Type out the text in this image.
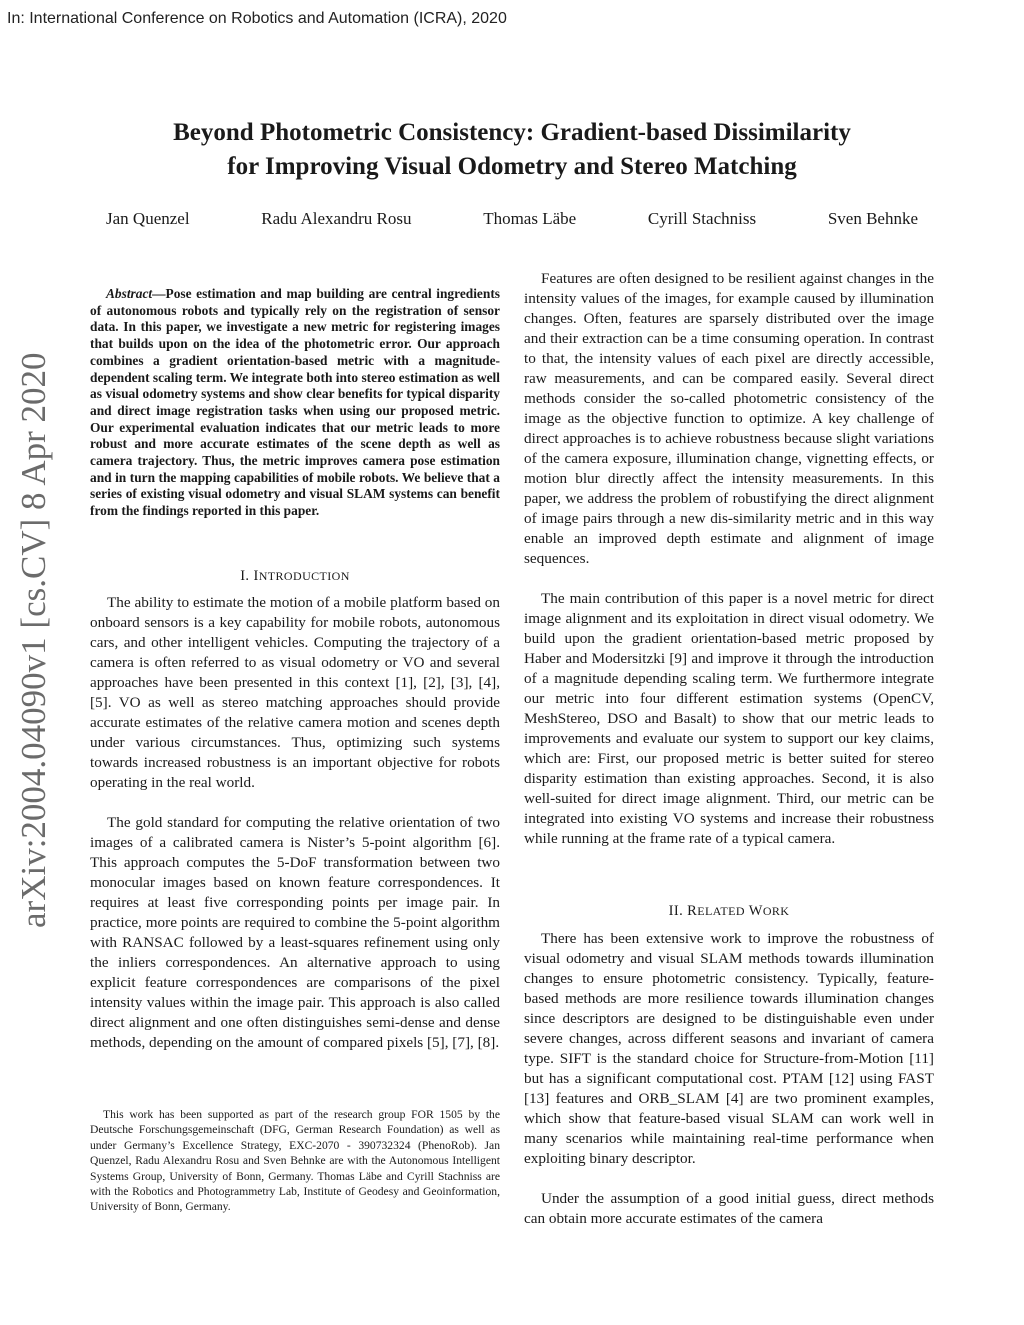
In: International Conference on Robotics and Automation (ICRA), 2020
Beyond Photometric Consistency: Gradient-based Dissimilarity
for Improving Visual Odometry and Stereo Matching
Jan Quenzel	Radu Alexandru Rosu	Thomas Läbe	Cyrill Stachniss	Sven Behnke
arXiv:2004.04090v1 [cs.CV] 8 Apr 2020
Abstract—Pose estimation and map building are central ingredients of autonomous robots and typically rely on the registration of sensor data. In this paper, we investigate a new metric for registering images that builds upon on the idea of the photometric error. Our approach combines a gradient orientation-based metric with a magnitude-dependent scaling term. We integrate both into stereo estimation as well as visual odometry systems and show clear benefits for typical disparity and direct image registration tasks when using our proposed metric. Our experimental evaluation indicates that our metric leads to more robust and more accurate estimates of the scene depth as well as camera trajectory. Thus, the metric improves camera pose estimation and in turn the mapping capabilities of mobile robots. We believe that a series of existing visual odometry and visual SLAM systems can benefit from the findings reported in this paper.
I. INTRODUCTION

The ability to estimate the motion of a mobile platform based on onboard sensors is a key capability for mobile robots, autonomous cars, and other intelligent vehicles. Computing the trajectory of a camera is often referred to as visual odometry or VO and several approaches have been presented in this context [1], [2], [3], [4], [5]. VO as well as stereo matching approaches should provide accurate estimates of the relative camera motion and scenes depth under various circumstances. Thus, optimizing such systems towards increased robustness is an important objective for robots operating in the real world.

The gold standard for computing the relative orientation of two images of a calibrated camera is Nister’s 5-point algorithm [6]. This approach computes the 5-DoF transformation between two monocular images based on known feature correspondences. It requires at least five corresponding points per image pair. In practice, more points are required to combine the 5-point algorithm with RANSAC followed by a least-squares refinement using only the inliers correspondences. An alternative approach to using explicit feature correspondences are comparisons of the pixel intensity values within the image pair. This approach is also called direct alignment and one often distinguishes semi-dense and dense methods, depending on the amount of compared pixels [5], [7], [8].

This work has been supported as part of the research group FOR 1505 by the Deutsche Forschungsgemeinschaft (DFG, German Research Foundation) as well as under Germany’s Excellence Strategy, EXC-2070 - 390732324 (PhenoRob). Jan Quenzel, Radu Alexandru Rosu and Sven Behnke are with the Autonomous Intelligent Systems Group, University of Bonn, Germany. Thomas Läbe and Cyrill Stachniss are with the Robotics and Photogrammetry Lab, Institute of Geodesy and Geoinformation, University of Bonn, Germany.

Features are often designed to be resilient against changes in the intensity values of the images, for example caused by illumination changes. Often, features are sparsely distributed over the image and their extraction can be a time consuming operation. In contrast to that, the intensity values of each pixel are directly accessible, raw measurements, and can be compared easily. Several direct methods consider the so-called photometric consistency of the image as the objective function to optimize. A key challenge of direct approaches is to achieve robustness because slight variations of the camera exposure, illumination change, vignetting effects, or motion blur directly affect the intensity measurements. In this paper, we address the problem of robustifying the direct alignment of image pairs through a new dis-similarity metric and in this way enable an improved depth estimate and alignment of image sequences.

The main contribution of this paper is a novel metric for direct image alignment and its exploitation in direct visual odometry. We build upon the gradient orientation-based metric proposed by Haber and Modersitzki [9] and improve it through the introduction of a magnitude depending scaling term. We furthermore integrate our metric into four different estimation systems (OpenCV, MeshStereo, DSO and Basalt) to show that our metric leads to improvements and evaluate our system to support our key claims, which are: First, our proposed metric is better suited for stereo disparity estimation than existing approaches. Second, it is also well-suited for direct image alignment. Third, our metric can be integrated into existing VO systems and increase their robustness while running at the frame rate of a typical camera.

II. RELATED WORK

There has been extensive work to improve the robustness of visual odometry and visual SLAM methods towards illumination changes to ensure photometric consistency. Typically, feature-based methods are more resilience towards illumination changes since descriptors are designed to be distinguishable even under severe changes, across different seasons and invariant of camera type. SIFT is the standard choice for Structure-from-Motion [11] but has a significant computational cost. PTAM [12] using FAST [13] features and ORB_SLAM [4] are two prominent examples, which show that feature-based visual SLAM can work well in many scenarios while maintaining real-time performance when exploiting binary descriptor.

Under the assumption of a good initial guess, direct methods can obtain more accurate estimates of the camera
